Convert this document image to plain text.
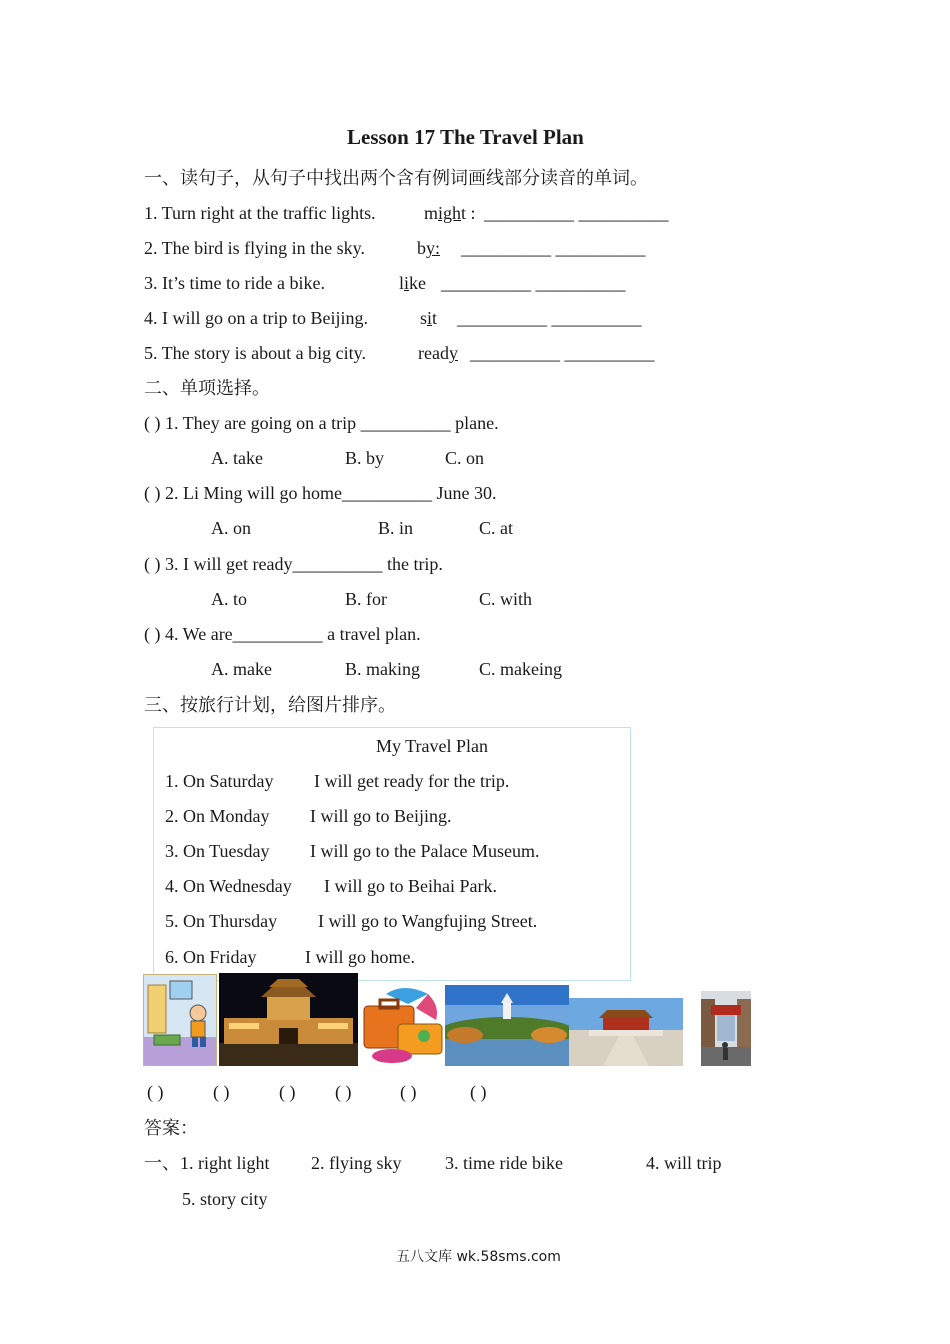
Lesson 17 The Travel Plan
一、读句子，从句子中找出两个含有例词画线部分读音的单词。
1. Turn right at the traffic lights.	might : __________ __________
2. The bird is flying in the sky.	by: __________ __________
3. It’s time to ride a bike.	like __________ __________
4. I will go on a trip to Beijing.	sit __________ __________
5. The story is about a big city.	ready __________ __________
二、单项选择。
( ) 1. They are going on a trip __________ plane.
A. take	B. by	C. on
( ) 2. Li Ming will go home__________ June 30.
A. on	B. in	C. at
( ) 3. I will get ready__________ the trip.
A. to	B. for	C. with
( ) 4. We are__________ a travel plan.
A. make	B. making	C. makeing
三、按旅行计划，给图片排序。
My Travel Plan
1. On Saturday I will get ready for the trip.
2. On Monday I will go to Beijing.
3. On Tuesday I will go to the Palace Museum.
4. On Wednesday I will go to Beihai Park.
5. On Thursday I will go to Wangfujing Street.
6. On Friday	I will go home.
( )	( )	( ) ( )	( )	( )
答案：
一、1. right light 2. flying sky 3. time ride bike	4. will trip
5. story city
五八文库 wk.58sms.com
